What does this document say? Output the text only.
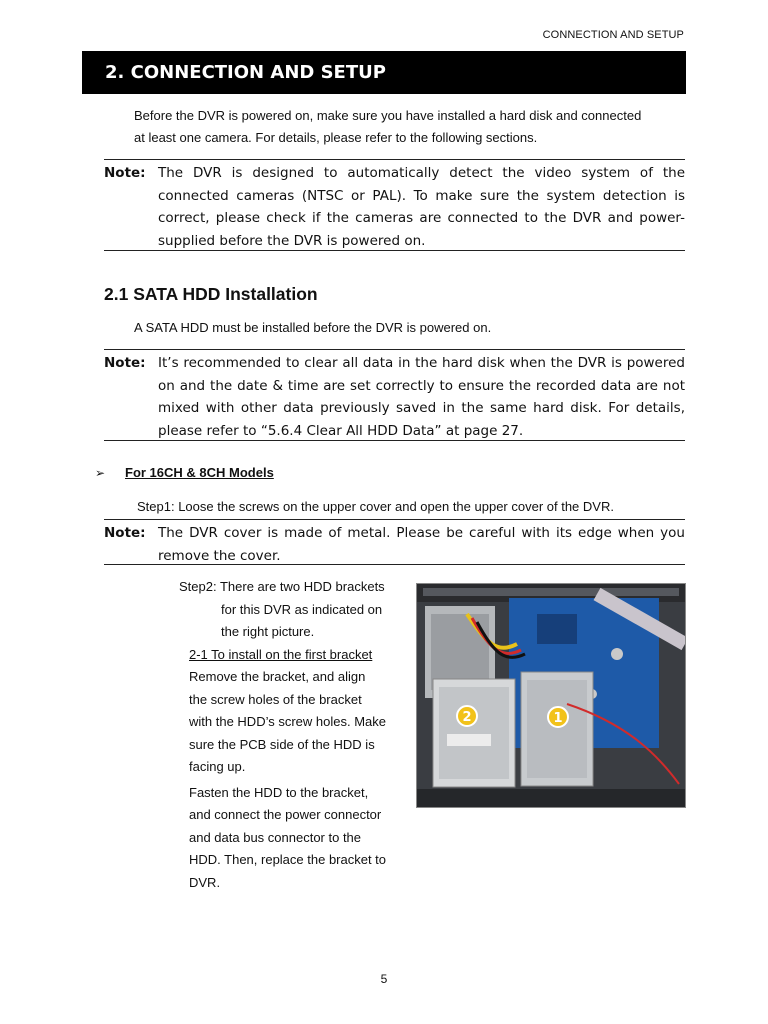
CONNECTION AND SETUP
2. CONNECTION AND SETUP
Before the DVR is powered on, make sure you have installed a hard disk and connected
at least one camera. For details, please refer to the following sections.
Note: The DVR is designed to automatically detect the video system of the connected cameras (NTSC or PAL). To make sure the system detection is correct, please check if the cameras are connected to the DVR and power-supplied before the DVR is powered on.
2.1 SATA HDD Installation
A SATA HDD must be installed before the DVR is powered on.
Note: It’s recommended to clear all data in the hard disk when the DVR is powered on and the date & time are set correctly to ensure the recorded data are not mixed with other data previously saved in the same hard disk. For details, please refer to “5.6.4 Clear All HDD Data” at page 27.
➢	For 16CH & 8CH Models
Step1: Loose the screws on the upper cover and open the upper cover of the DVR.
Note: The DVR cover is made of metal. Please be careful with its edge when you remove the cover.
Step2: There are two HDD brackets
for this DVR as indicated on
the right picture.
2-1 To install on the first bracket
Remove the bracket, and align
the screw holes of the bracket
with the HDD’s screw holes. Make
sure the PCB side of the HDD is
facing up.
Fasten the HDD to the bracket,
and connect the power connector
and data bus connector to the
HDD. Then, replace the bracket to
DVR.
2	1
5
